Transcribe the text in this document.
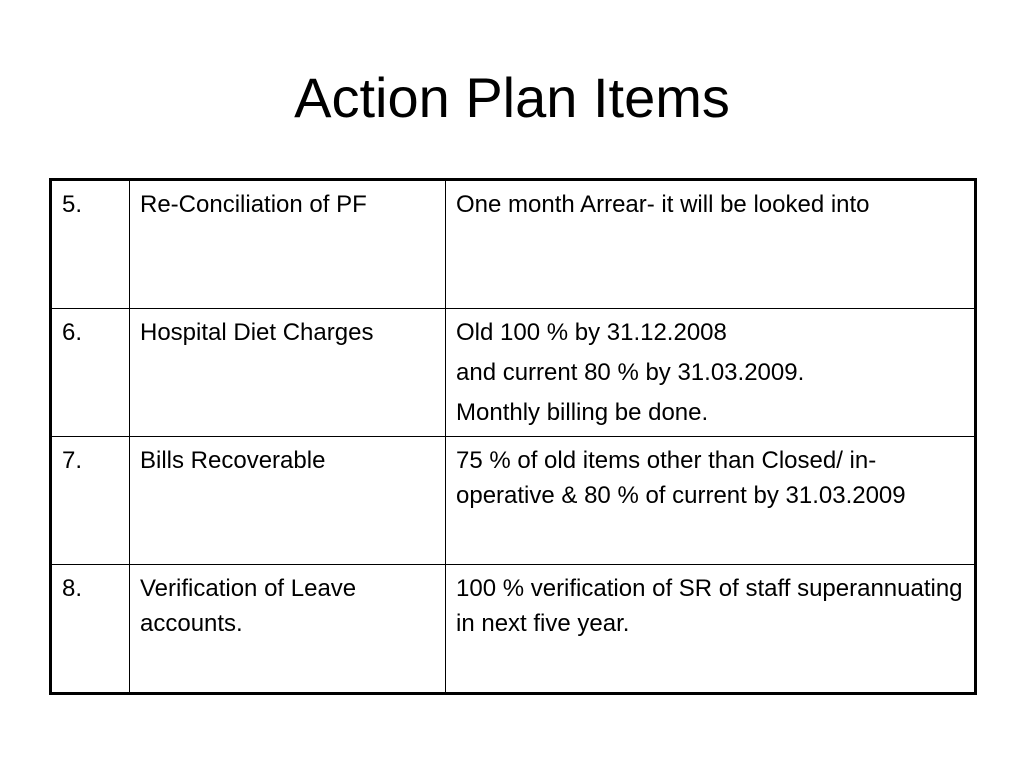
Action Plan Items
5.	Re-Conciliation of PF	One month Arrear- it will be looked into

6.	Hospital Diet Charges	Old 100 % by 31.12.2008
and current 80 % by 31.03.2009.
Monthly billing be done.

7.	Bills Recoverable	75 % of old items other than Closed/ in-operative & 80 % of current by 31.03.2009

8.	Verification of Leave accounts.	100 % verification of SR of staff superannuating in next five year.
